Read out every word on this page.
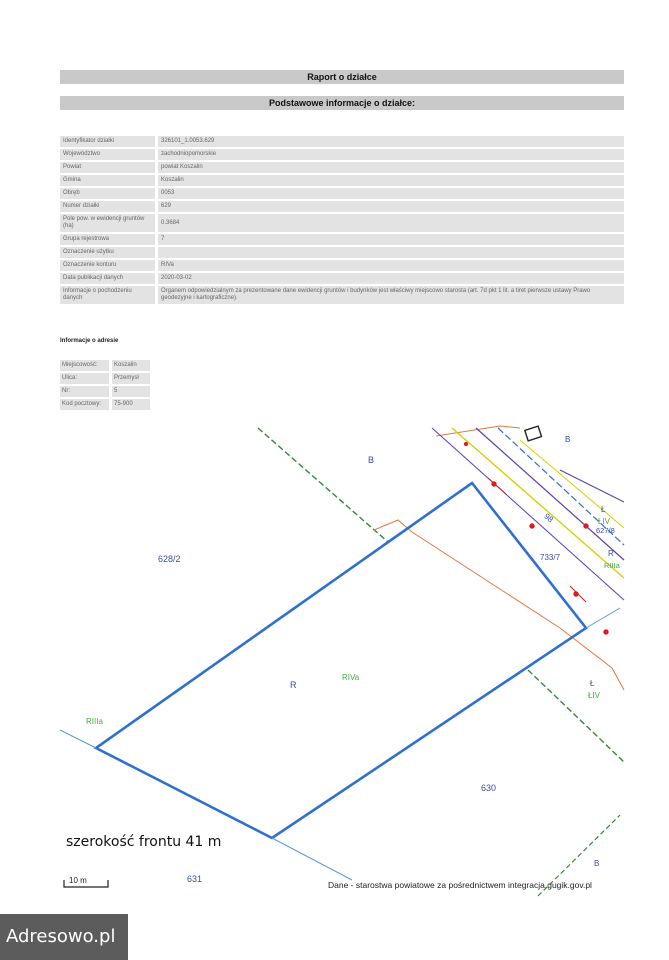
Raport o działce
Podstawowe informacje o działce:
Identyfikator działki	326101_1.0053.629
Województwo	zachodniopomorskie
Powiat	powiat Koszalin
Gmina	Koszalin
Obręb	0053
Numer działki	629
Pole pow. w ewidencji gruntów (ha)	0.3684
Grupa rejestrowa	7
Oznaczenie użytku	
Oznaczenie konturu	RIVa
Data publikacji danych	2020-03-02
Informacje o pochodzeniu danych	Organem odpowiedzialnym za prezentowane dane ewidencji gruntów i budynków jest właściwy miejscowo starosta (art. 7d pkt 1 lit. a tiret pierwsze ustawy Prawo geodezyjne i kartograficzne).
Informacje o adresie
Miejscowość:	Koszalin
Ulica:	Przemysł
Nr:	5
Kod pocztowy:	75-900
B
B
628/2
R
RIVa
RIIIa
630
631
733/7
Ł
ŁIV
627/8
R
RIIIa
Ł
ŁIV
B
98
10 m
szerokość frontu 41 m
Dane - starostwa powiatowe za pośrednictwem integracja.gugik.gov.pl
Adresowo.pl
